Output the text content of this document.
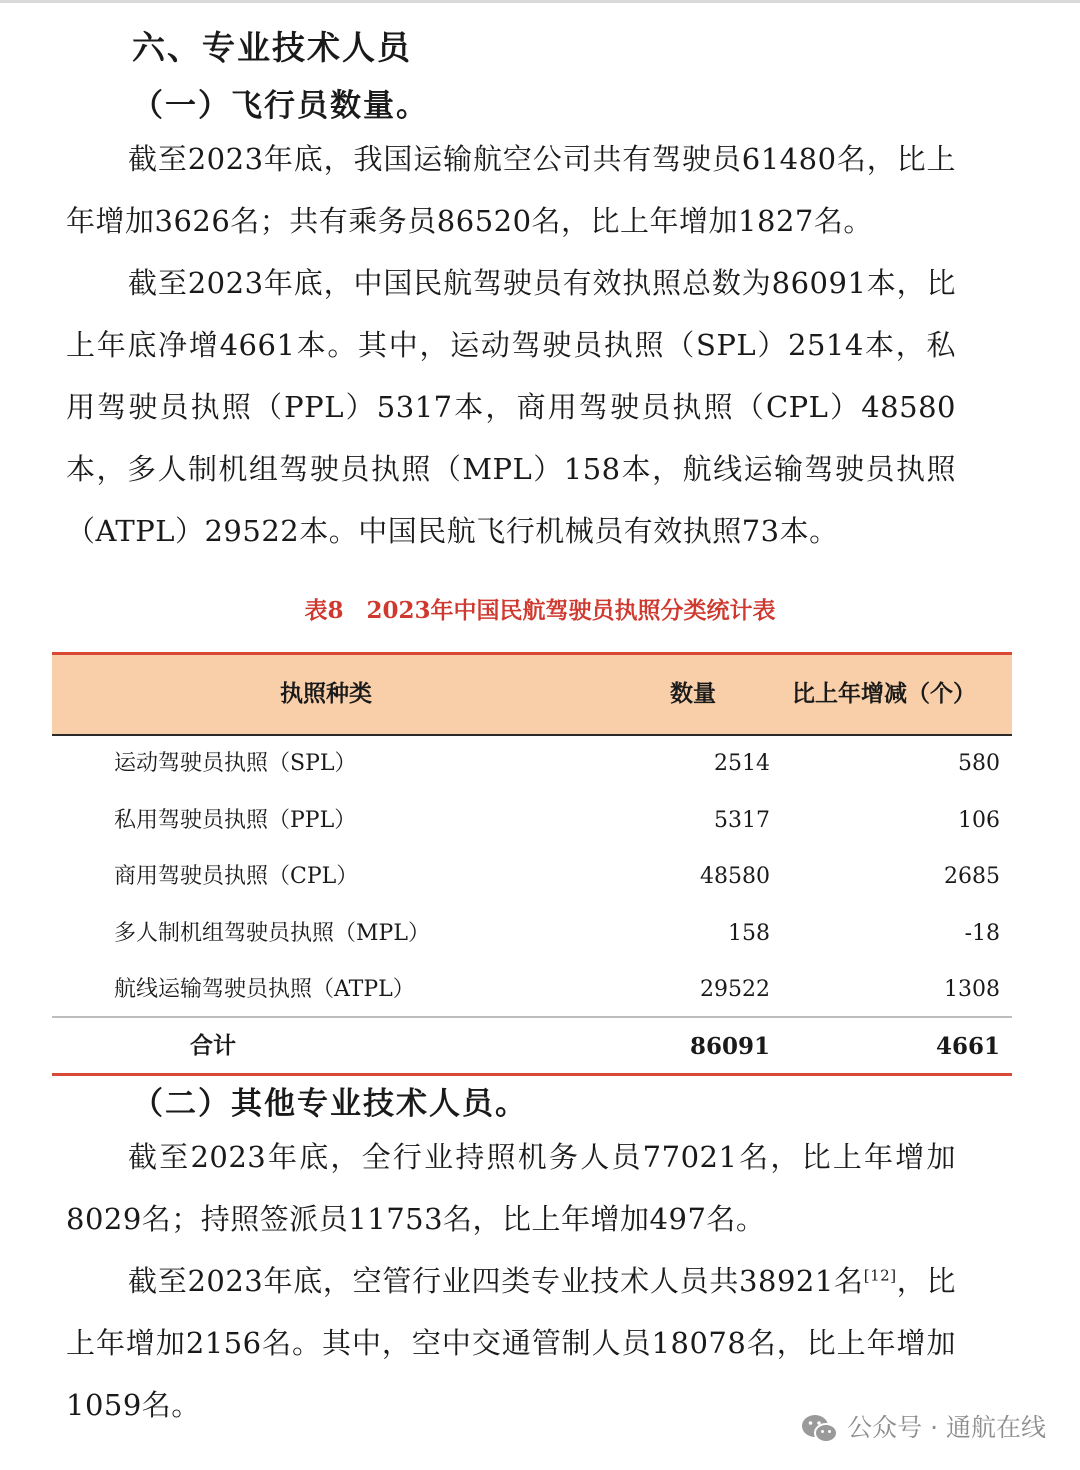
六、专业技术人员
（一）飞行员数量。

截至2023年底，我国运输航空公司共有驾驶员61480名，比上年增加3626名；共有乘务员86520名，比上年增加1827名。

截至2023年底，中国民航驾驶员有效执照总数为86091本，比上年底净增4661本。其中，运动驾驶员执照（SPL）2514本，私用驾驶员执照（PPL）5317本，商用驾驶员执照（CPL）48580本，多人制机组驾驶员执照（MPL）158本，航线运输驾驶员执照（ATPL）29522本。中国民航飞行机械员有效执照73本。

表8　2023年中国民航驾驶员执照分类统计表
执照种类	数量	比上年增减（个）
运动驾驶员执照（SPL）	2514	580
私用驾驶员执照（PPL）	5317	106
商用驾驶员执照（CPL）	48580	2685
多人制机组驾驶员执照（MPL）	158	-18
航线运输驾驶员执照（ATPL）	29522	1308
合计	86091	4661
（二）其他专业技术人员。

截至2023年底，全行业持照机务人员77021名，比上年增加8029名；持照签派员11753名，比上年增加497名。

截至2023年底，空管行业四类专业技术人员共38921名[12]，比上年增加2156名。其中，空中交通管制人员18078名，比上年增加1059名。

公众号 · 通航在线
